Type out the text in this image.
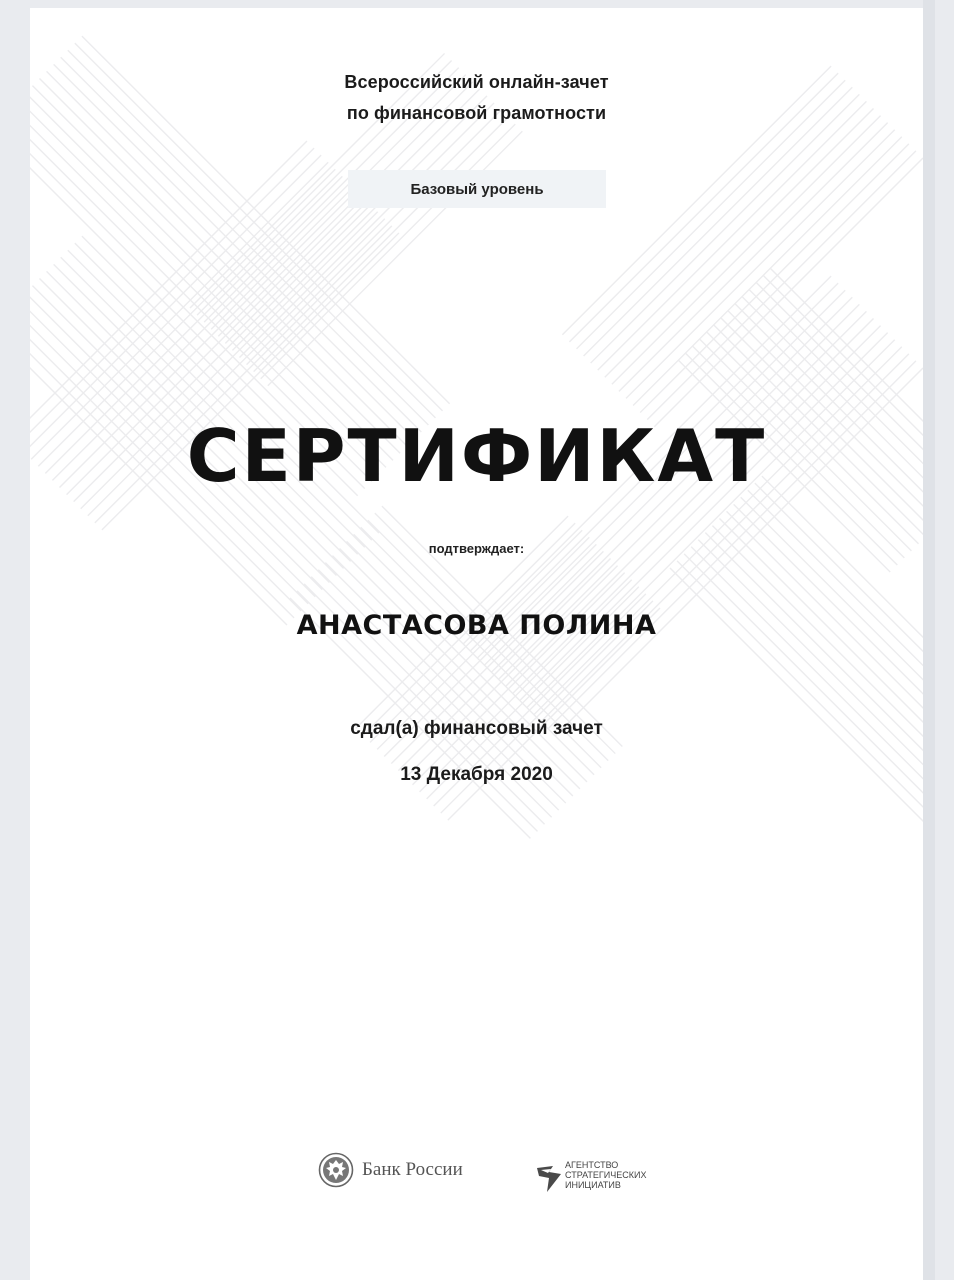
Всероссийский онлайн-зачет
по финансовой грамотности
Базовый уровень
СЕРТИФИКАТ
подтверждает:
АНАСТАСОВА ПОЛИНА
сдал(а) финансовый зачет
13 Декабря 2020
Банк России	АГЕНТСТВО
СТРАТЕГИЧЕСКИХ
ИНИЦИАТИВ
